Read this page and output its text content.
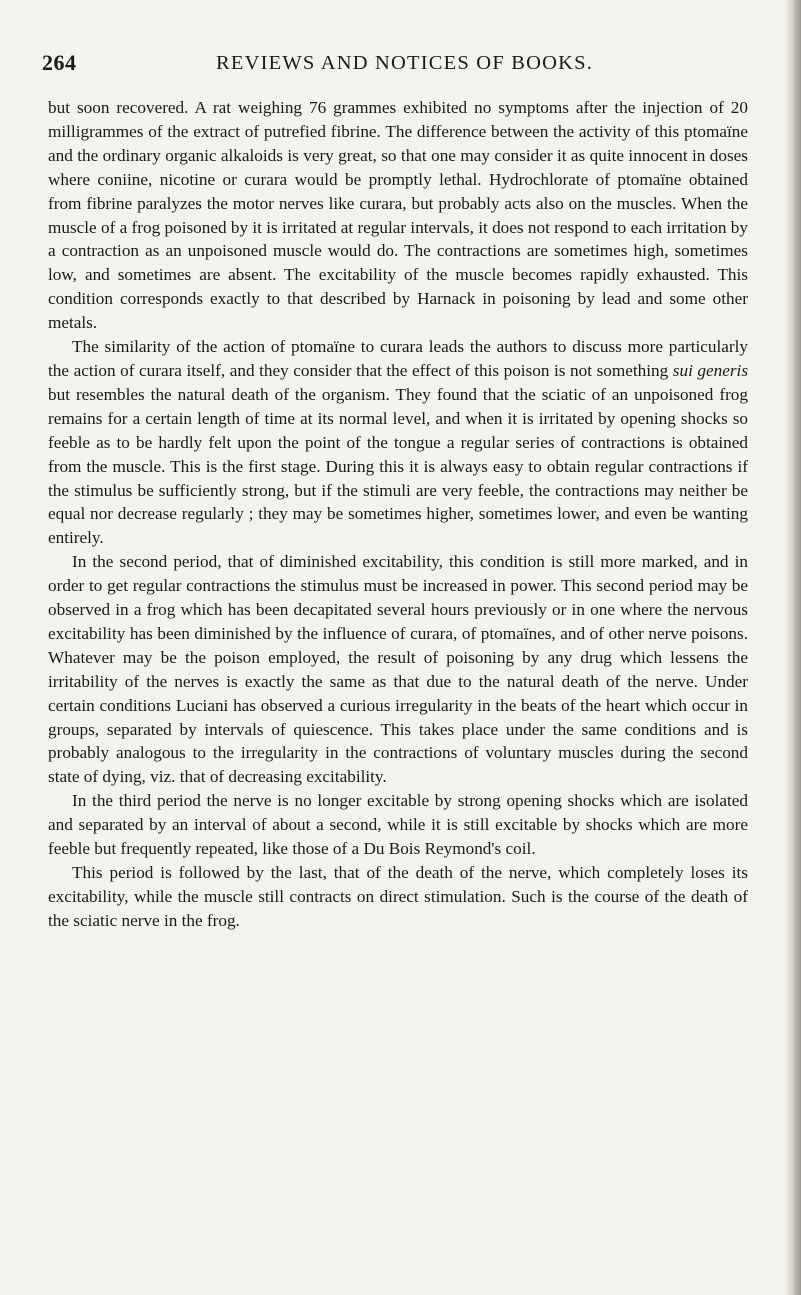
264	REVIEWS AND NOTICES OF BOOKS.

but soon recovered. A rat weighing 76 grammes exhibited no symptoms after the injection of 20 milligrammes of the extract of putrefied fibrine. The difference between the activity of this ptomaïne and the ordinary organic alkaloids is very great, so that one may consider it as quite innocent in doses where coniine, nicotine or curara would be promptly lethal. Hydrochlorate of ptomaïne obtained from fibrine paralyzes the motor nerves like curara, but probably acts also on the muscles. When the muscle of a frog poisoned by it is irritated at regular intervals, it does not respond to each irritation by a contraction as an unpoisoned muscle would do. The contractions are sometimes high, sometimes low, and sometimes are absent. The excitability of the muscle becomes rapidly exhausted. This condition corresponds exactly to that described by Harnack in poisoning by lead and some other metals.

The similarity of the action of ptomaïne to curara leads the authors to discuss more particularly the action of curara itself, and they consider that the effect of this poison is not something sui generis but resembles the natural death of the organism. They found that the sciatic of an unpoisoned frog remains for a certain length of time at its normal level, and when it is irritated by opening shocks so feeble as to be hardly felt upon the point of the tongue a regular series of contractions is obtained from the muscle. This is the first stage. During this it is always easy to obtain regular contractions if the stimulus be sufficiently strong, but if the stimuli are very feeble, the contractions may neither be equal nor decrease regularly ; they may be sometimes higher, sometimes lower, and even be wanting entirely.

In the second period, that of diminished excitability, this condition is still more marked, and in order to get regular contractions the stimulus must be increased in power. This second period may be observed in a frog which has been decapitated several hours previously or in one where the nervous excitability has been diminished by the influence of curara, of ptomaïnes, and of other nerve poisons. Whatever may be the poison employed, the result of poisoning by any drug which lessens the irritability of the nerves is exactly the same as that due to the natural death of the nerve. Under certain conditions Luciani has observed a curious irregularity in the beats of the heart which occur in groups, separated by intervals of quiescence. This takes place under the same conditions and is probably analogous to the irregularity in the contractions of voluntary muscles during the second state of dying, viz. that of decreasing excitability.

In the third period the nerve is no longer excitable by strong opening shocks which are isolated and separated by an interval of about a second, while it is still excitable by shocks which are more feeble but frequently repeated, like those of a Du Bois Reymond's coil.

This period is followed by the last, that of the death of the nerve, which completely loses its excitability, while the muscle still contracts on direct stimulation. Such is the course of the death of the sciatic nerve in the frog.
